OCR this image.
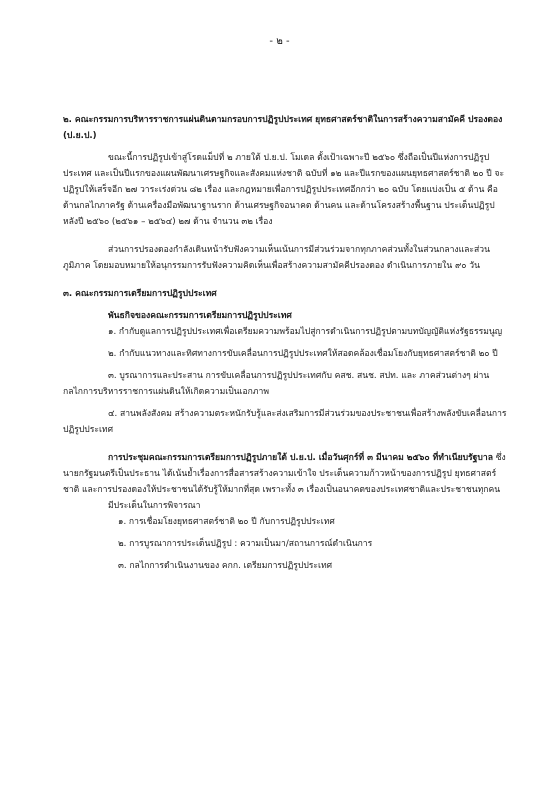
- ๒ -

๒. คณะกรรมการบริหารราชการแผ่นดินตามกรอบการปฏิรูปประเทศ ยุทธศาสตร์ชาติในการสร้างความสามัคคี ปรองดอง (ป.ย.ป.)

ขณะนี้การปฏิรูปเข้าสู่โรดแม็ปที่ ๒ ภายใต้ ป.ย.ป. โมเดล ตั้งเป้าเฉพาะปี ๒๕๖๐ ซึ่งถือเป็นปีแห่งการปฏิรูปประเทศ และเป็นปีแรกของแผนพัฒนาเศรษฐกิจและสังคมแห่งชาติ ฉบับที่ ๑๒ และปีแรกของแผนยุทธศาสตร์ชาติ ๒๐ ปี จะปฏิรูปให้เสร็จอีก ๒๗ วาระเร่งด่วน ๘๒ เรื่อง และกฎหมายเพื่อการปฏิรูปประเทศอีกกว่า ๒๐ ฉบับ โดยแบ่งเป็น ๕ ด้าน คือ ด้านกลไกภาครัฐ ด้านเครื่องมือพัฒนาฐานราก ด้านเศรษฐกิจอนาคต ด้านคน และด้านโครงสร้างพื้นฐาน ประเด็นปฏิรูปหลังปี ๒๕๖๐ (๒๕๖๑ – ๒๕๖๔) ๒๗ ด้าน จำนวน ๓๒ เรื่อง

ส่วนการปรองดองกำลังเดินหน้ารับฟังความเห็นเน้นการมีส่วนร่วมจากทุกภาคส่วนทั้งในส่วนกลางและส่วนภูมิภาค โดยมอบหมายให้อนุกรรมการรับฟังความคิดเห็นเพื่อสร้างความสามัคคีปรองดอง ดำเนินการภายใน ๙๐ วัน

๓. คณะกรรมการเตรียมการปฏิรูปประเทศ

พันธกิจของคณะกรรมการเตรียมการปฏิรูปประเทศ

๑. กำกับดูแลการปฏิรูปประเทศเพื่อเตรียมความพร้อมไปสู่การดำเนินการปฏิรูปตามบทบัญญัติแห่งรัฐธรรมนูญ

๒. กำกับแนวทางและทิศทางการขับเคลื่อนการปฏิรูปประเทศให้สอดคล้องเชื่อมโยงกับยุทธศาสตร์ชาติ ๒๐ ปี

๓. บูรณาการและประสาน การขับเคลื่อนการปฏิรูปประเทศกับ คสช. สนช. สปท. และ ภาคส่วนต่างๆ ผ่านกลไกการบริหารราชการแผ่นดินให้เกิดความเป็นเอกภาพ

๔. สานพลังสังคม สร้างความตระหนักรับรู้และส่งเสริมการมีส่วนร่วมของประชาชนเพื่อสร้างพลังขับเคลื่อนการปฏิรูปประเทศ

การประชุมคณะกรรมการเตรียมการปฏิรูปภายใต้ ป.ย.ป. เมื่อวันศุกร์ที่ ๓ มีนาคม ๒๕๖๐ ที่ทำเนียบรัฐบาล ซึ่งนายกรัฐมนตรีเป็นประธาน ได้เน้นย้ำเรื่องการสื่อสารสร้างความเข้าใจ ประเด็นความก้าวหน้าของการปฏิรูป ยุทธศาสตร์ชาติ และการปรองดองให้ประชาชนได้รับรู้ให้มากที่สุด เพราะทั้ง ๓ เรื่องเป็นอนาคตของประเทศชาติและประชาชนทุกคน

มีประเด็นในการพิจารณา

๑. การเชื่อมโยงยุทธศาสตร์ชาติ ๒๐ ปี กับการปฏิรูปประเทศ

๒. การบูรณาการประเด็นปฏิรูป : ความเป็นมา/สถานการณ์ดำเนินการ

๓. กลไกการดำเนินงานของ คกก. เตรียมการปฏิรูปประเทศ
